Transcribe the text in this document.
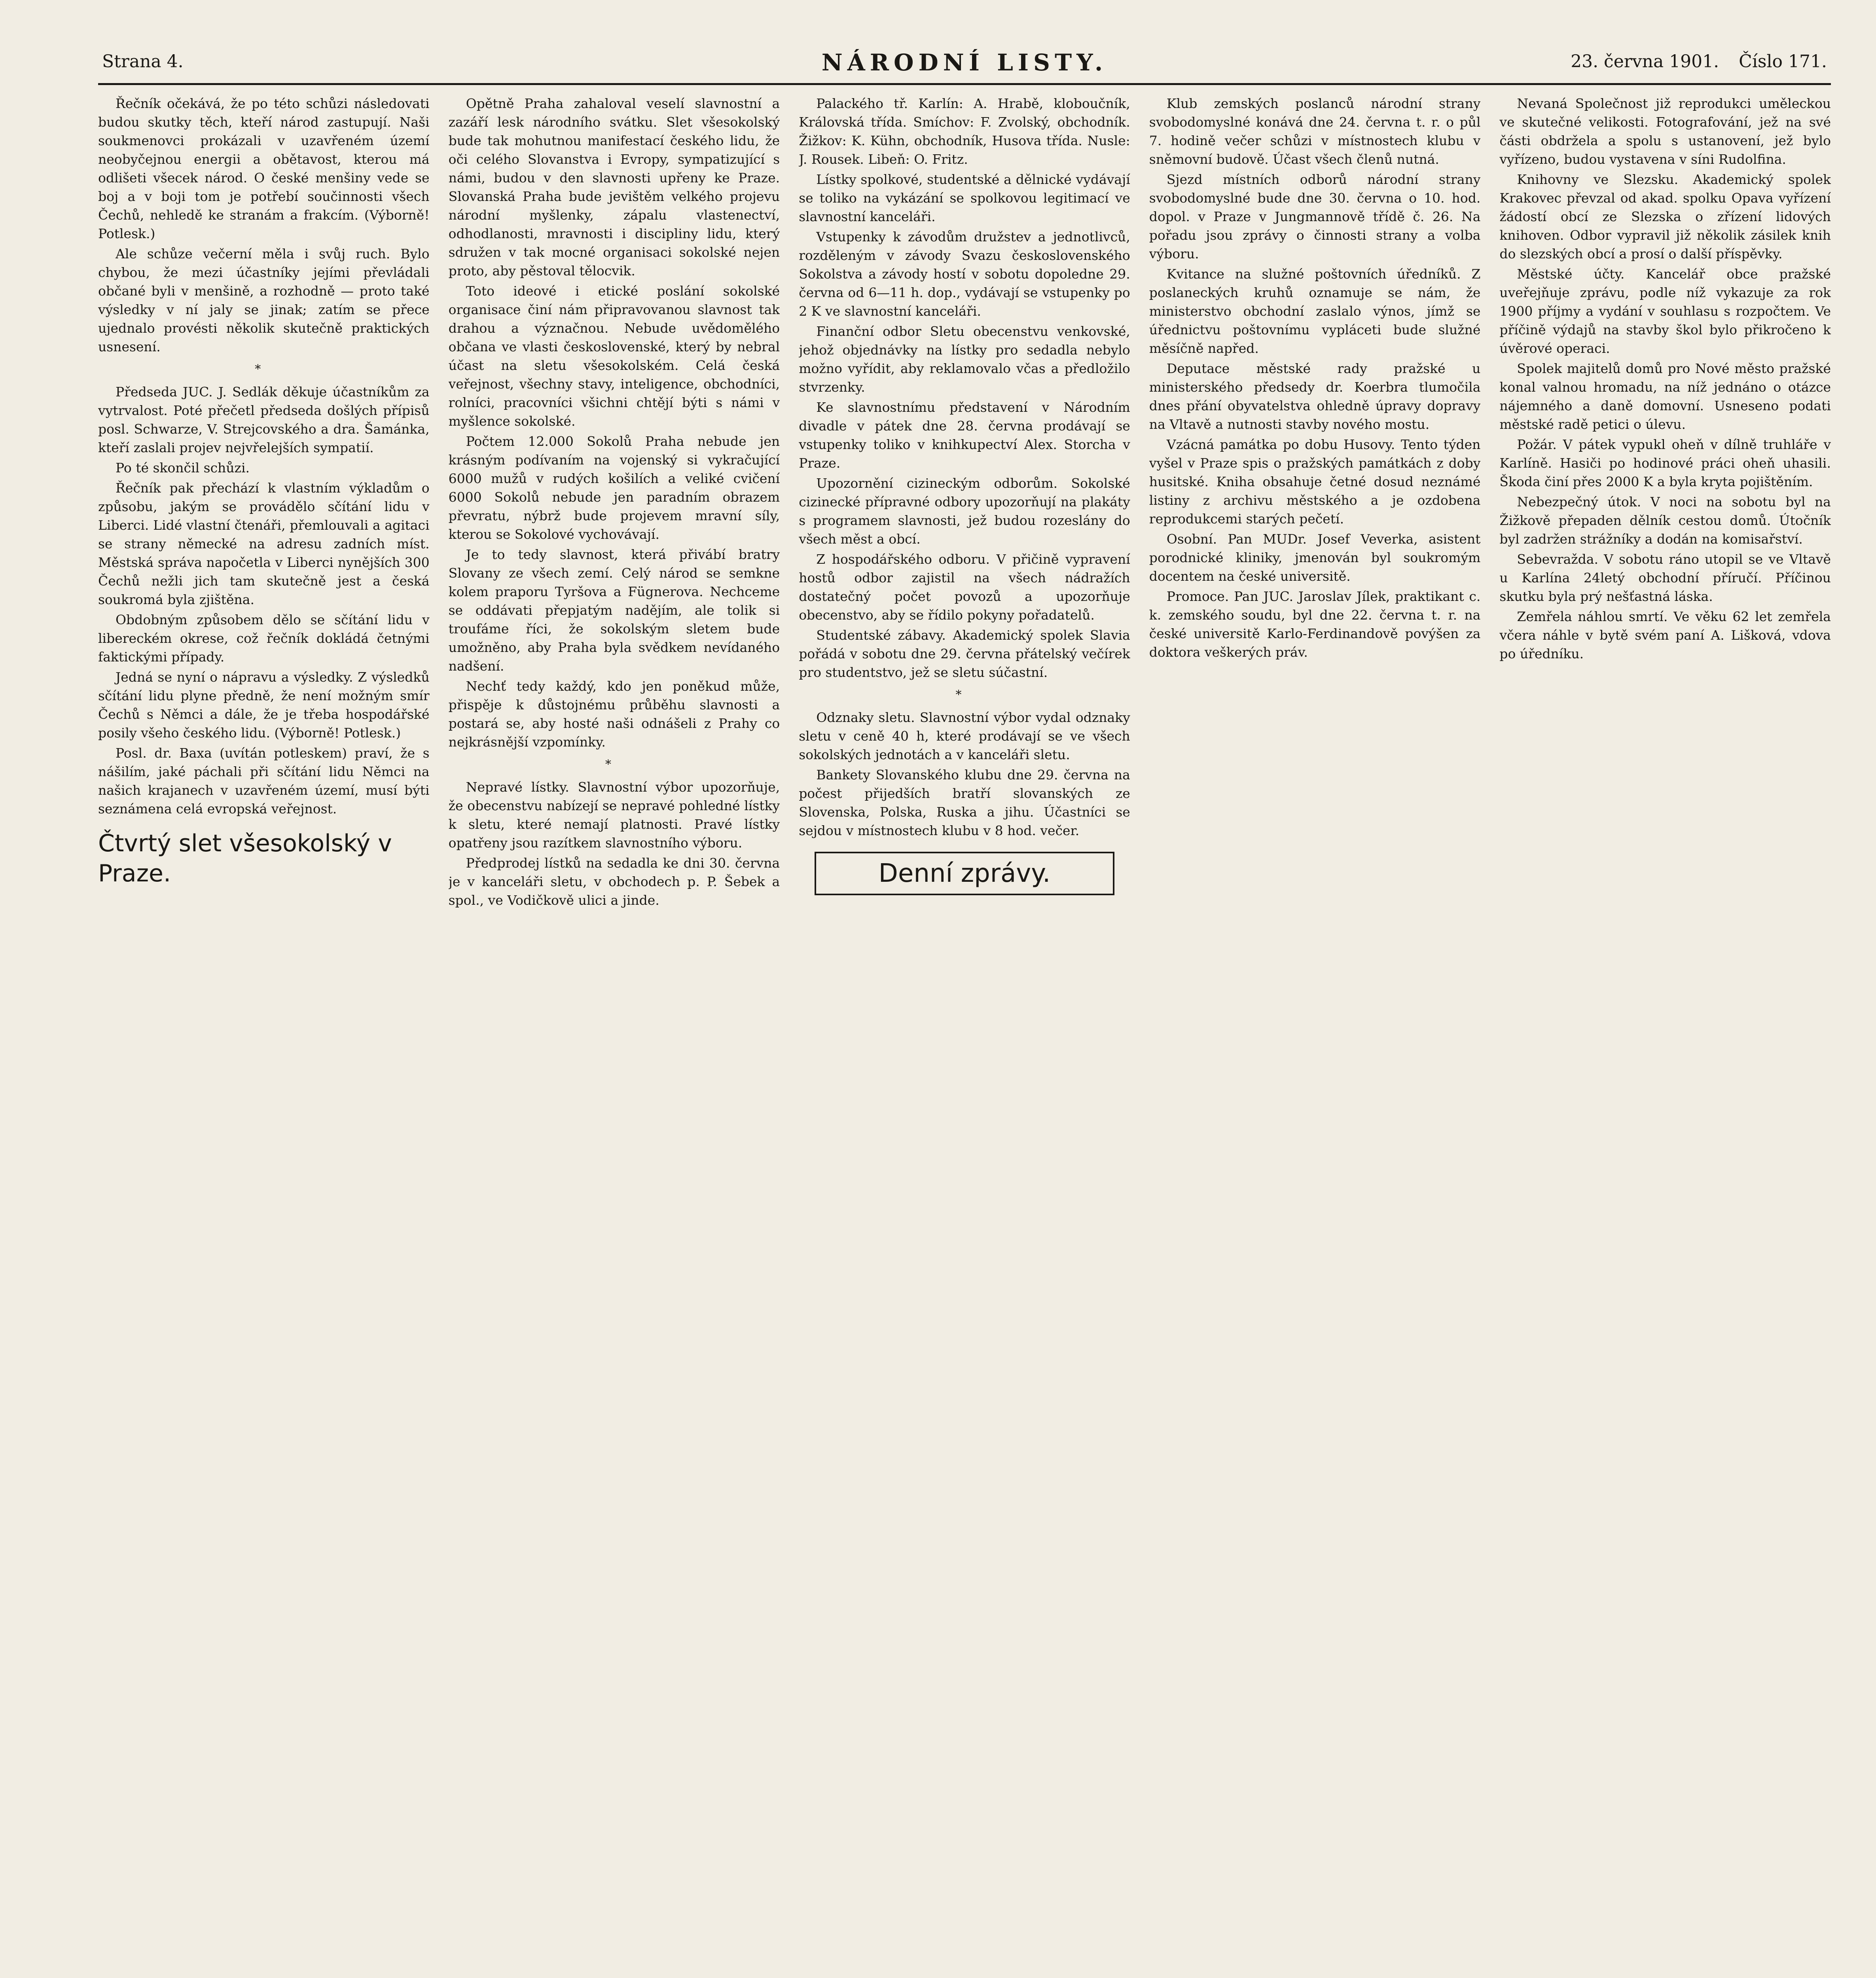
Strana 4.	NÁRODNÍ LISTY.	23. června 1901. Číslo 171.

Řečník očekává, že po této schůzi následovati budou skutky těch, kteří národ zastupují. Naši soukmenovci prokázali v uzavřeném území neobyčejnou energii a obětavost, kterou má odlišeti všecek národ. O české menšiny vede se boj a v boji tom je potřebí součinnosti všech Čechů, nehledě ke stranám a frakcím. (Výborně! Potlesk.)

Ale schůze večerní měla i svůj ruch. Bylo chybou, že mezi účastníky jejími převládali občané byli v menšině, a rozhodně — proto také výsledky v ní jaly se jinak; zatím se přece ujednalo provésti několik skutečně praktických usnesení.

*

Předseda JUC. J. Sedlák děkuje účastníkům za vytrvalost. Poté přečetl předseda došlých přípisů posl. Schwarze, V. Strejcovského a dra. Šamánka, kteří zaslali projev nejvřelejších sympatií.

Po té skončil schůzi.

Řečník pak přechází k vlastním výkladům o způsobu, jakým se provádělo sčítání lidu v Liberci. Lidé vlastní čtenáři, přemlouvali a agitaci se strany německé na adresu zadních míst. Městská správa napočetla v Liberci nynějších 300 Čechů nežli jich tam skutečně jest a česká soukromá byla zjištěna.

Obdobným způsobem dělo se sčítání lidu v libereckém okrese, což řečník dokládá četnými faktickými případy.

Jedná se nyní o nápravu a výsledky. Z výsledků sčítání lidu plyne předně, že není možným smír Čechů s Němci a dále, že je třeba hospodářské posily všeho českého lidu. (Výborně! Potlesk.)

Posl. dr. Baxa (uvítán potleskem) praví, že s nášilím, jaké páchali při sčítání lidu Němci na našich krajanech v uzavřeném území, musí býti seznámena celá evropská veřejnost.

Čtvrtý slet všesokolský v Praze.

Opětně Praha zahaloval veselí slavnostní a zazáří lesk národního svátku. Slet všesokolský bude tak mohutnou manifestací českého lidu, že oči celého Slovanstva i Evropy, sympatizující s námi, budou v den slavnosti upřeny ke Praze. Slovanská Praha bude jevištěm velkého projevu národní myšlenky, zápalu vlastenectví, odhodlanosti, mravnosti i discipliny lidu, který sdružen v tak mocné organisaci sokolské nejen proto, aby pěstoval tělocvik.

Toto ideové i etické poslání sokolské organisace činí nám připravovanou slavnost tak drahou a význačnou. Nebude uvědomělého občana ve vlasti československé, který by nebral účast na sletu všesokolském. Celá česká veřejnost, všechny stavy, inteligence, obchodníci, rolníci, pracovníci všichni chtějí býti s námi v myšlence sokolské.

Počtem 12.000 Sokolů Praha nebude jen krásným podívaním na vojenský si vykračující 6000 mužů v rudých košilích a veliké cvičení 6000 Sokolů nebude jen paradním obrazem převratu, nýbrž bude projevem mravní síly, kterou se Sokolové vychovávají.

Je to tedy slavnost, která přivábí bratry Slovany ze všech zemí. Celý národ se semkne kolem praporu Tyršova a Fügnerova. Nechceme se oddávati přepjatým nadějím, ale tolik si troufáme říci, že sokolským sletem bude umožněno, aby Praha byla svědkem nevídaného nadšení.

Nechť tedy každý, kdo jen poněkud může, přispěje k důstojnému průběhu slavnosti a postará se, aby hosté naši odnášeli z Prahy co nejkrásnější vzpomínky.

*

Nepravé lístky. Slavnostní výbor upozorňuje, že obecenstvu nabízejí se nepravé pohledné lístky k sletu, které nemají platnosti. Pravé lístky opatřeny jsou razítkem slavnostního výboru.

Předprodej lístků na sedadla ke dni 30. června je v kanceláři sletu, v obchodech p. P. Šebek a spol., ve Vodičkově ulici a jinde.

Palackého tř. Karlín: A. Hrabě, kloboučník, Královská třída. Smíchov: F. Zvolský, obchodník. Žižkov: K. Kühn, obchodník, Husova třída. Nusle: J. Rousek. Libeň: O. Fritz.

Lístky spolkové, studentské a dělnické vydávají se toliko na vykázání se spolkovou legitimací ve slavnostní kanceláři.

Vstupenky k závodům družstev a jednotlivců, rozděleným v závody Svazu československého Sokolstva a závody hostí v sobotu dopoledne 29. června od 6—11 h. dop., vydávají se vstupenky po 2 K ve slavnostní kanceláři.

Finanční odbor Sletu obecenstvu venkovské, jehož objednávky na lístky pro sedadla nebylo možno vyřídit, aby reklamovalo včas a předložilo stvrzenky.

Ke slavnostnímu představení v Národním divadle v pátek dne 28. června prodávají se vstupenky toliko v knihkupectví Alex. Storcha v Praze.

Upozornění cizineckým odborům. Sokolské cizinecké přípravné odbory upozorňují na plakáty s programem slavnosti, jež budou rozeslány do všech měst a obcí.

Z hospodářského odboru. V přičině vypravení hostů odbor zajistil na všech nádražích dostatečný počet povozů a upozorňuje obecenstvo, aby se řídilo pokyny pořadatelů.

Studentské zábavy. Akademický spolek Slavia pořádá v sobotu dne 29. června přátelský večírek pro studentstvo, jež se sletu súčastní.

*

Odznaky sletu. Slavnostní výbor vydal odznaky sletu v ceně 40 h, které prodávají se ve všech sokolských jednotách a v kanceláři sletu.

Bankety Slovanského klubu dne 29. června na počest přijedších bratří slovanských ze Slovenska, Polska, Ruska a jihu. Účastníci se sejdou v místnostech klubu v 8 hod. večer.

Denní zprávy.

Klub zemských poslanců národní strany svobodomyslné konává dne 24. června t. r. o půl 7. hodině večer schůzi v místnostech klubu v sněmovní budově. Účast všech členů nutná.

Sjezd místních odborů národní strany svobodomyslné bude dne 30. června o 10. hod. dopol. v Praze v Jungmannově třídě č. 26. Na pořadu jsou zprávy o činnosti strany a volba výboru.

Kvitance na služné poštovních úředníků. Z poslaneckých kruhů oznamuje se nám, že ministerstvo obchodní zaslalo výnos, jímž se úřednictvu poštovnímu vypláceti bude služné měsíčně napřed.

Deputace městské rady pražské u ministerského předsedy dr. Koerbra tlumočila dnes přání obyvatelstva ohledně úpravy dopravy na Vltavě a nutnosti stavby nového mostu.

Vzácná památka po dobu Husovy. Tento týden vyšel v Praze spis o pražských památkách z doby husitské. Kniha obsahuje četné dosud neznámé listiny z archivu městského a je ozdobena reprodukcemi starých pečetí.

Osobní. Pan MUDr. Josef Veverka, asistent porodnické kliniky, jmenován byl soukromým docentem na české universitě.

Promoce. Pan JUC. Jaroslav Jílek, praktikant c. k. zemského soudu, byl dne 22. června t. r. na české universitě Karlo-Ferdinandově povýšen za doktora veškerých práv.

Nevaná Společnost již reprodukci uměleckou ve skutečné velikosti. Fotografování, jež na své části obdržela a spolu s ustanovení, jež bylo vyřízeno, budou vystavena v síni Rudolfina.

Knihovny ve Slezsku. Akademický spolek Krakovec převzal od akad. spolku Opava vyřízení žádostí obcí ze Slezska o zřízení lidových knihoven. Odbor vypravil již několik zásilek knih do slezských obcí a prosí o další příspěvky.

Městské účty. Kancelář obce pražské uveřejňuje zprávu, podle níž vykazuje za rok 1900 příjmy a vydání v souhlasu s rozpočtem. Ve příčině výdajů na stavby škol bylo přikročeno k úvěrové operaci.

Spolek majitelů domů pro Nové město pražské konal valnou hromadu, na níž jednáno o otázce nájemného a daně domovní. Usneseno podati městské radě petici o úlevu.

Požár. V pátek vypukl oheň v dílně truhláře v Karlíně. Hasiči po hodinové práci oheň uhasili. Škoda činí přes 2000 K a byla kryta pojištěním.

Nebezpečný útok. V noci na sobotu byl na Žižkově přepaden dělník cestou domů. Útočník byl zadržen strážníky a dodán na komisařství.

Sebevražda. V sobotu ráno utopil se ve Vltavě u Karlína 24letý obchodní příručí. Příčinou skutku byla prý nešťastná láska.

Zemřela náhlou smrtí. Ve věku 62 let zemřela včera náhle v bytě svém paní A. Lišková, vdova po úředníku.
